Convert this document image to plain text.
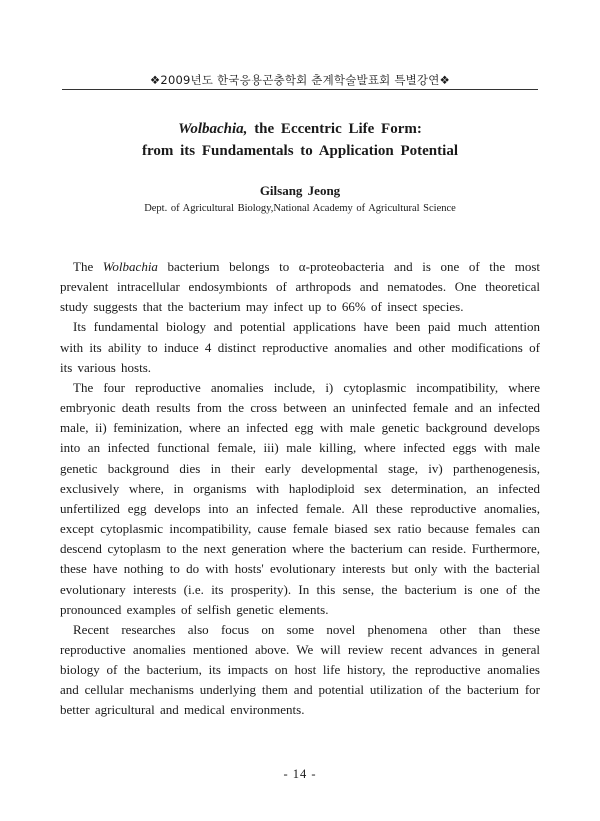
❖2009년도 한국응용곤충학회 춘계학술발표회 특별강연❖
Wolbachia, the Eccentric Life Form:
from its Fundamentals to Application Potential
Gilsang Jeong
Dept. of Agricultural Biology,National Academy of Agricultural Science

The Wolbachia bacterium belongs to α-proteobacteria and is one of the most prevalent intracellular endosymbionts of arthropods and nematodes. One theoretical study suggests that the bacterium may infect up to 66% of insect species.

Its fundamental biology and potential applications have been paid much attention with its ability to induce 4 distinct reproductive anomalies and other modifications of its various hosts.

The four reproductive anomalies include, i) cytoplasmic incompatibility, where embryonic death results from the cross between an uninfected female and an infected male, ii) feminization, where an infected egg with male genetic background develops into an infected functional female, iii) male killing, where infected eggs with male genetic background dies in their early developmental stage, iv) parthenogenesis, exclusively where, in organisms with haplodiploid sex determination, an infected unfertilized egg develops into an infected female. All these reproductive anomalies, except cytoplasmic incompatibility, cause female biased sex ratio because females can descend cytoplasm to the next generation where the bacterium can reside. Furthermore, these have nothing to do with hosts' evolutionary interests but only with the bacterial evolutionary interests (i.e. its prosperity). In this sense, the bacterium is one of the pronounced examples of selfish genetic elements.

Recent researches also focus on some novel phenomena other than these reproductive anomalies mentioned above. We will review recent advances in general biology of the bacterium, its impacts on host life history, the reproductive anomalies and cellular mechanisms underlying them and potential utilization of the bacterium for better agricultural and medical environments.

- 14 -
